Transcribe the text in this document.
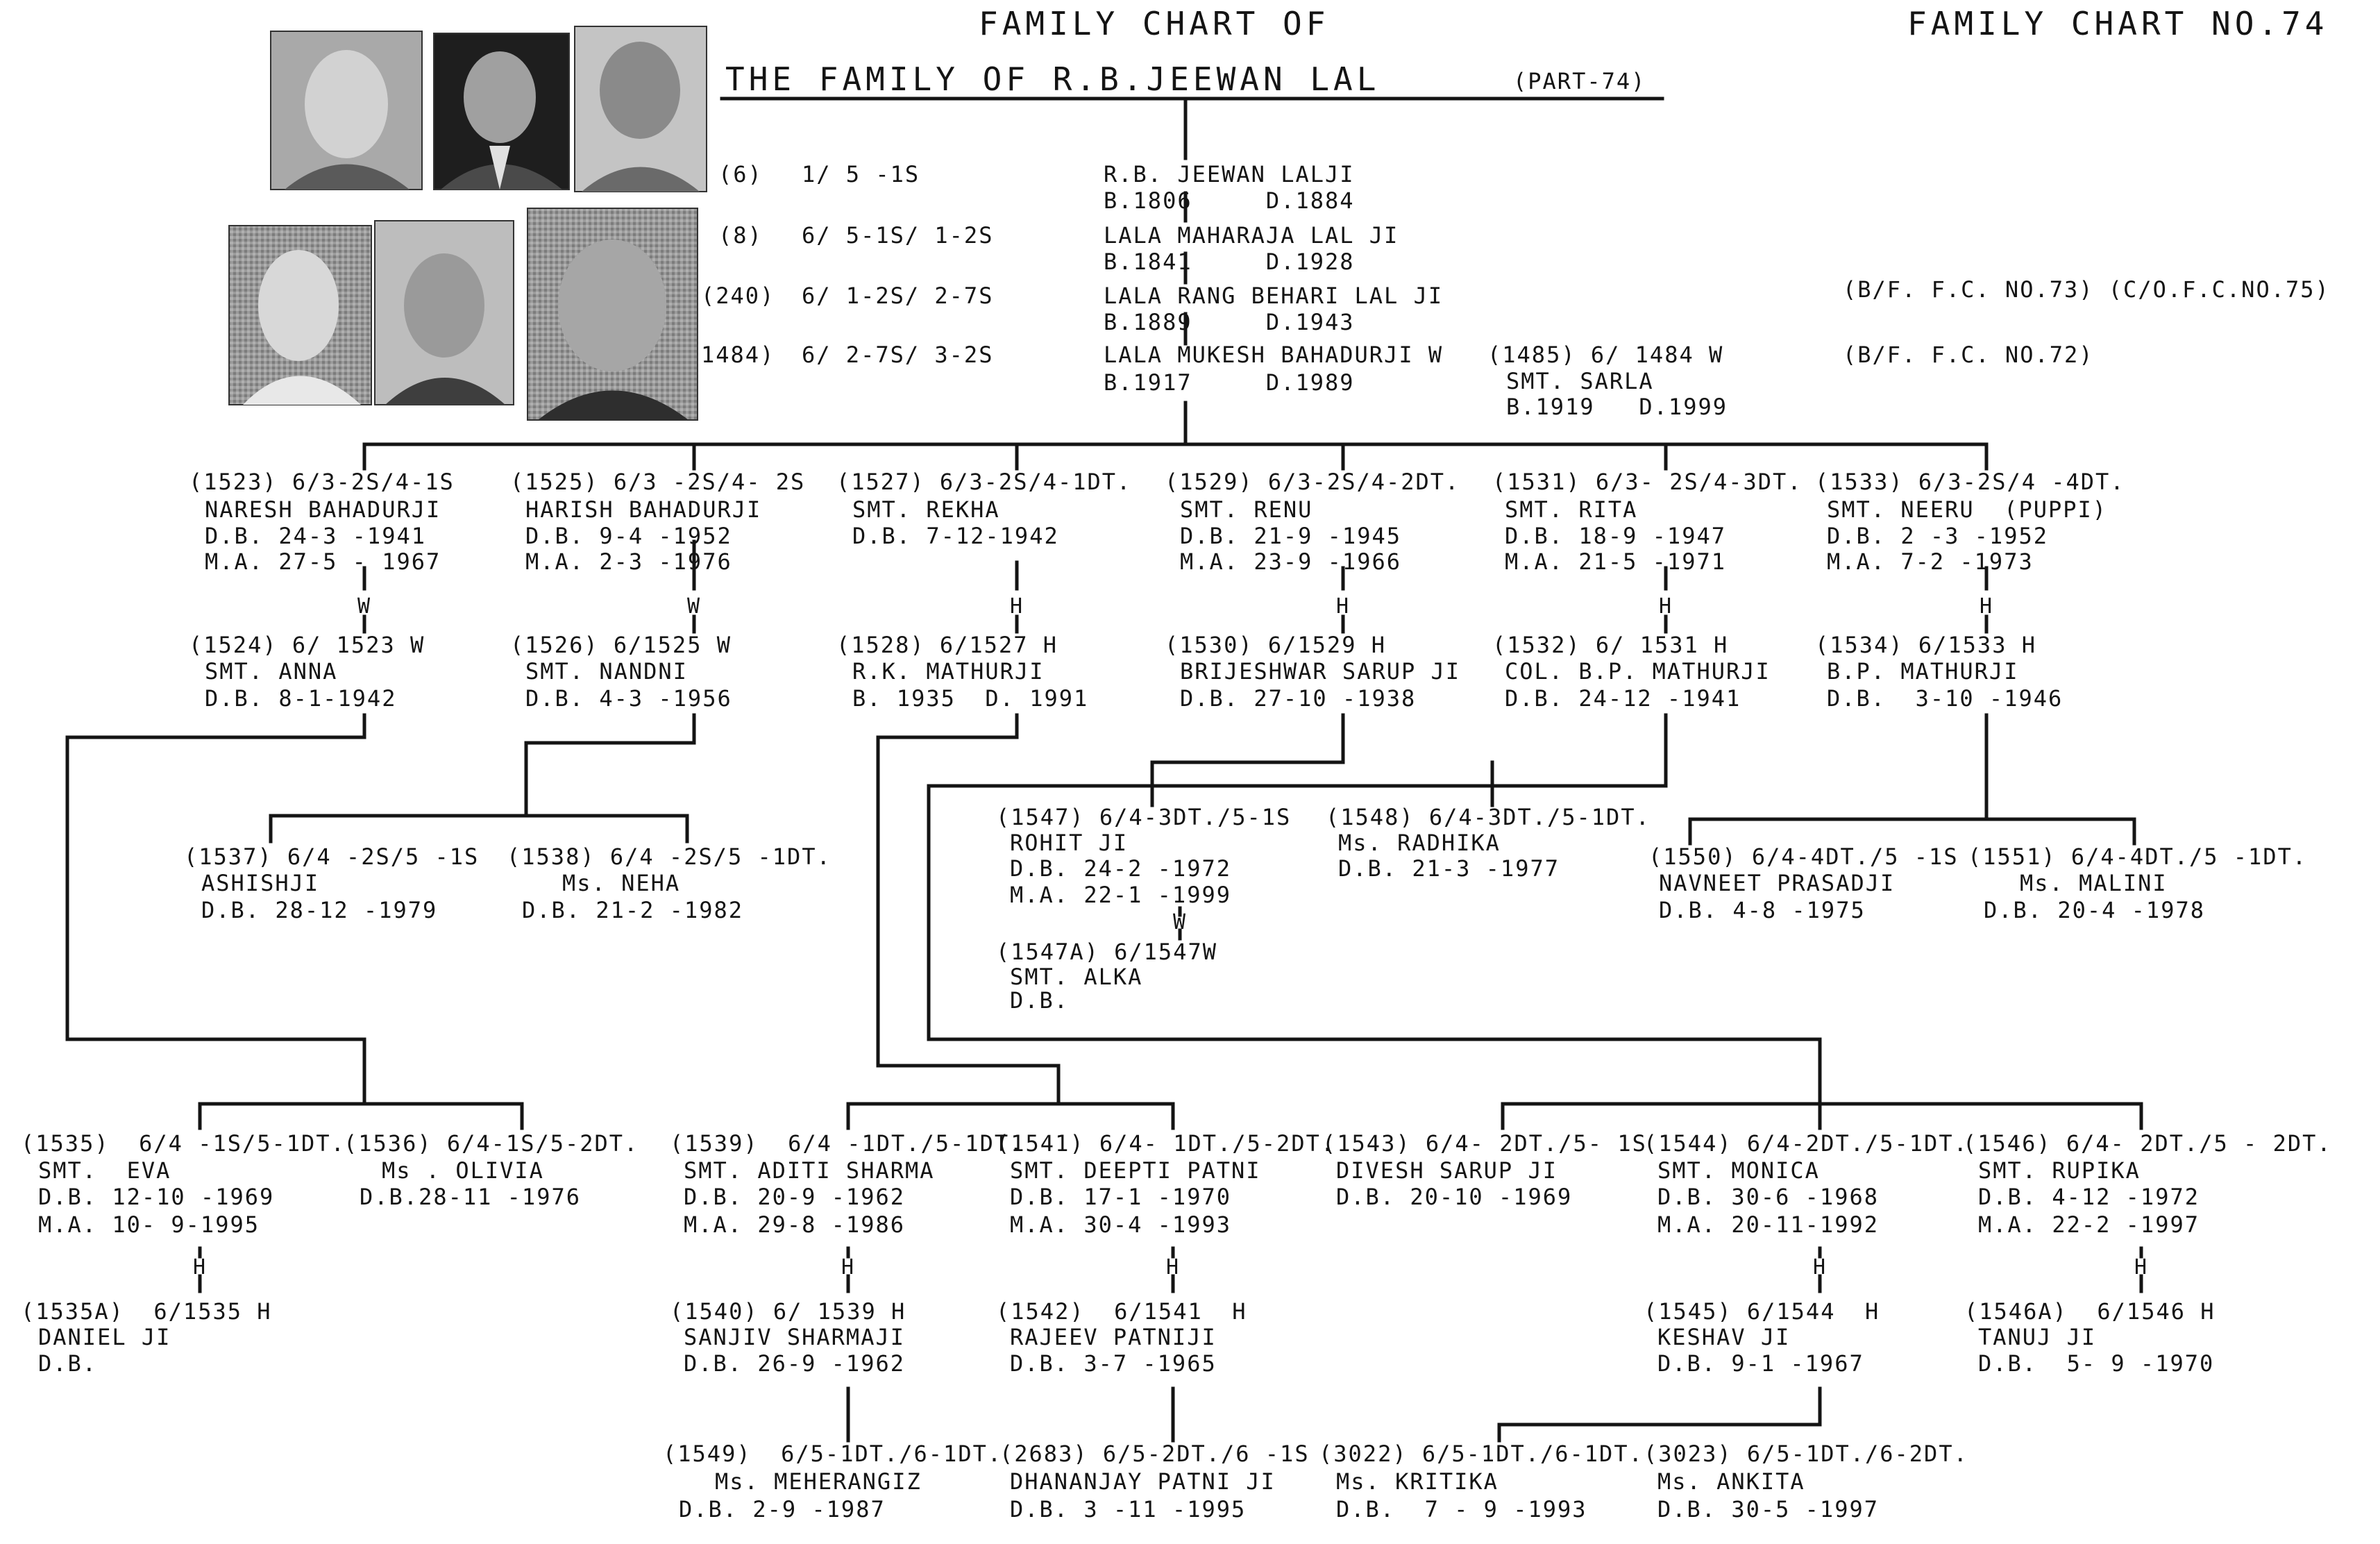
FAMILY CHART OF
THE FAMILY OF R.B.JEEWAN LAL	(PART-74)
FAMILY CHART NO.74
(6) 1/ 5 -1S	R.B. JEEWAN LALJI
B.1806     D.1884
(8) 6/ 5-1S/ 1-2S	LALA MAHARAJA LAL JI
B.1841     D.1928
(240) 6/ 1-2S/ 2-7S	LALA RANG BEHARI LAL JI
B.1889     D.1943
1484) 6/ 2-7S/ 3-2S	LALA MUKESH BAHADURJI W
B.1917     D.1989
(1485) 6/ 1484 W
SMT. SARLA
B.1919   D.1999
(B/F. F.C. NO.73) (C/O.F.C.NO.75)
(B/F. F.C. NO.72)
(1523) 6/3-2S/4-1S
NARESH BAHADURJI
D.B. 24-3 -1941
M.A. 27-5 - 1967
W
(1525) 6/3 -2S/4- 2S
HARISH BAHADURJI
D.B. 9-4 -1952
M.A. 2-3 -1976
W
(1527) 6/3-2S/4-1DT.
SMT. REKHA
D.B. 7-12-1942
H
(1529) 6/3-2S/4-2DT.
SMT. RENU
D.B. 21-9 -1945
M.A. 23-9 -1966
H
(1531) 6/3- 2S/4-3DT.
SMT. RITA
D.B. 18-9 -1947
M.A. 21-5 -1971
H
(1533) 6/3-2S/4 -4DT.
SMT. NEERU  (PUPPI)
D.B. 2 -3 -1952
M.A. 7-2 -1973
H
(1524) 6/ 1523 W
SMT. ANNA
D.B. 8-1-1942
(1526) 6/1525 W
SMT. NANDNI
D.B. 4-3 -1956
(1528) 6/1527 H
R.K. MATHURJI
B. 1935  D. 1991
(1530) 6/1529 H
BRIJESHWAR SARUP JI
D.B. 27-10 -1938
(1532) 6/ 1531 H
COL. B.P. MATHURJI
D.B. 24-12 -1941
(1534) 6/1533 H
B.P. MATHURJI
D.B.  3-10 -1946
(1537) 6/4 -2S/5 -1S
ASHISHJI
D.B. 28-12 -1979
(1538) 6/4 -2S/5 -1DT.
Ms. NEHA
D.B. 21-2 -1982
(1547) 6/4-3DT./5-1S
ROHIT JI
D.B. 24-2 -1972
M.A. 22-1 -1999
W
(1548) 6/4-3DT./5-1DT.
Ms. RADHIKA
D.B. 21-3 -1977	(1550) 6/4-4DT./5 -1S
NAVNEET PRASADJI
D.B. 4-8 -1975
(1551) 6/4-4DT./5 -1DT.
Ms. MALINI
D.B. 20-4 -1978
(1547A) 6/1547W
SMT. ALKA
D.B.
(1535)  6/4 -1S/5-1DT.
SMT.  EVA
D.B. 12-10 -1969
M.A. 10- 9-1995
H
(1536) 6/4-1S/5-2DT.
Ms . OLIVIA
D.B.28-11 -1976
(1539)  6/4 -1DT./5-1DT.
SMT. ADITI SHARMA
D.B. 20-9 -1962
M.A. 29-8 -1986
H
(1541) 6/4- 1DT./5-2DT.
SMT. DEEPTI PATNI
D.B. 17-1 -1970
M.A. 30-4 -1993
H
(1543) 6/4- 2DT./5- 1S
DIVESH SARUP JI
D.B. 20-10 -1969
(1544) 6/4-2DT./5-1DT.
SMT. MONICA
D.B. 30-6 -1968
M.A. 20-11-1992
H
(1546) 6/4- 2DT./5 - 2DT.
SMT. RUPIKA
D.B. 4-12 -1972
M.A. 22-2 -1997
H
(1535A)  6/1535 H
DANIEL JI
D.B.
(1540) 6/ 1539 H
SANJIV SHARMAJI
D.B. 26-9 -1962
(1542)  6/1541  H
RAJEEV PATNIJI
D.B. 3-7 -1965
(1545) 6/1544  H
KESHAV JI
D.B. 9-1 -1967
(1546A)  6/1546 H
TANUJ JI
D.B.  5- 9 -1970
(1549)  6/5-1DT./6-1DT.
Ms. MEHERANGIZ
D.B. 2-9 -1987
(2683) 6/5-2DT./6 -1S
DHANANJAY PATNI JI
D.B. 3 -11 -1995
(3022) 6/5-1DT./6-1DT.
Ms. KRITIKA
D.B.  7 - 9 -1993
(3023) 6/5-1DT./6-2DT.
Ms. ANKITA
D.B. 30-5 -1997
